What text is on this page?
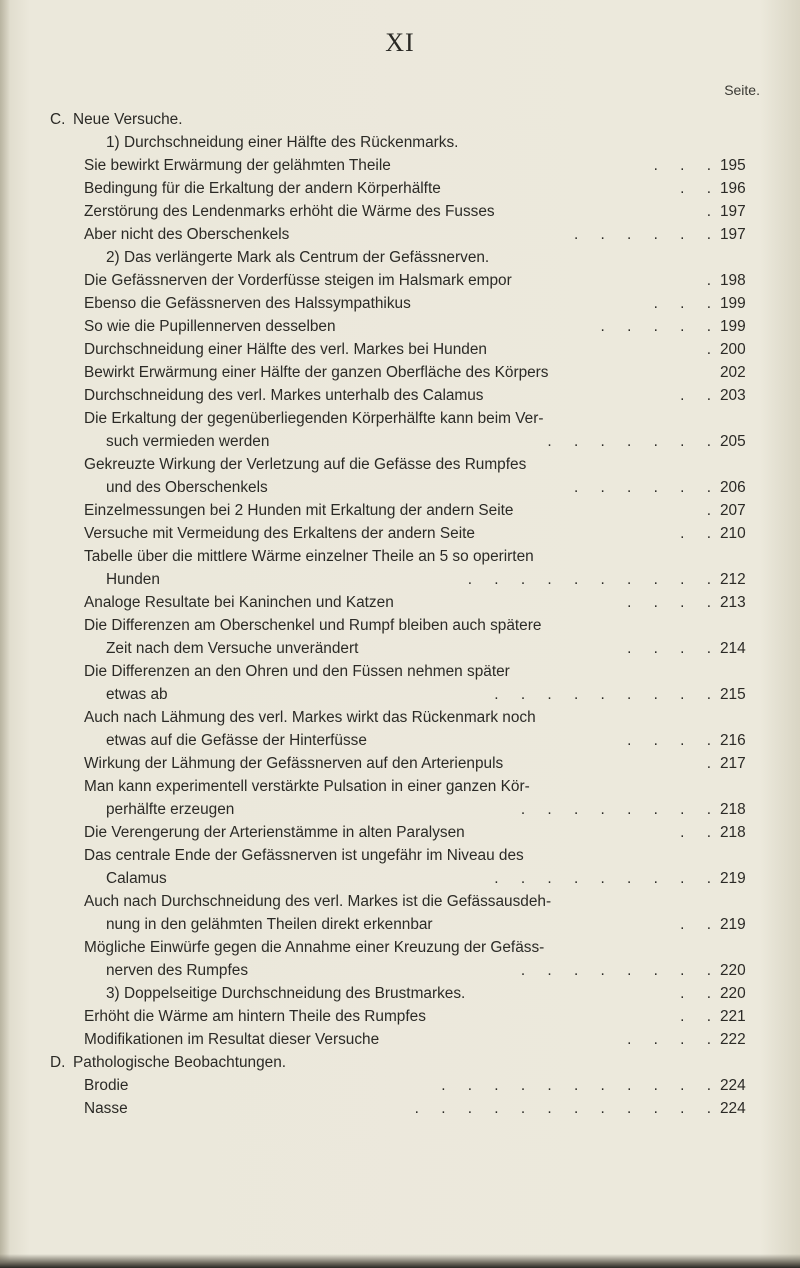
XI
Seite.
C. Neue Versuche.
1) Durchschneidung einer Hälfte des Rückenmarks.
Sie bewirkt Erwärmung der gelähmten Theile	. . . 195
Bedingung für die Erkaltung der andern Körperhälfte	. . 196
Zerstörung des Lendenmarks erhöht die Wärme des Fusses	. 197
Aber nicht des Oberschenkels	. . . . . . 197
2) Das verlängerte Mark als Centrum der Gefässnerven.
Die Gefässnerven der Vorderfüsse steigen im Halsmark empor	. 198
Ebenso die Gefässnerven des Halssympathikus	. . . 199
So wie die Pupillennerven desselben	. . . . . 199
Durchschneidung einer Hälfte des verl. Markes bei Hunden	. 200
Bewirkt Erwärmung einer Hälfte der ganzen Oberfläche des Körpers	202
Durchschneidung des verl. Markes unterhalb des Calamus	. . 203
Die Erkaltung der gegenüberliegenden Körperhälfte kann beim Ver-
such vermieden werden	. . . . . . . 205
Gekreuzte Wirkung der Verletzung auf die Gefässe des Rumpfes
und des Oberschenkels	. . . . . . 206
Einzelmessungen bei 2 Hunden mit Erkaltung der andern Seite	. 207
Versuche mit Vermeidung des Erkaltens der andern Seite	. . 210
Tabelle über die mittlere Wärme einzelner Theile an 5 so operirten
Hunden	. . . . . . . . . . 212
Analoge Resultate bei Kaninchen und Katzen	. . . . 213
Die Differenzen am Oberschenkel und Rumpf bleiben auch spätere
Zeit nach dem Versuche unverändert	. . . . 214
Die Differenzen an den Ohren und den Füssen nehmen später
etwas ab	. . . . . . . . . 215
Auch nach Lähmung des verl. Markes wirkt das Rückenmark noch
etwas auf die Gefässe der Hinterfüsse	. . . . 216
Wirkung der Lähmung der Gefässnerven auf den Arterienpuls	. 217
Man kann experimentell verstärkte Pulsation in einer ganzen Kör-
perhälfte erzeugen	. . . . . . . . 218
Die Verengerung der Arterienstämme in alten Paralysen	. . 218
Das centrale Ende der Gefässnerven ist ungefähr im Niveau des
Calamus	. . . . . . . . . 219
Auch nach Durchschneidung des verl. Markes ist die Gefässausdeh-
nung in den gelähmten Theilen direkt erkennbar	. . 219
Mögliche Einwürfe gegen die Annahme einer Kreuzung der Gefäss-
nerven des Rumpfes	. . . . . . . . 220
3) Doppelseitige Durchschneidung des Brustmarkes.	. . 220
Erhöht die Wärme am hintern Theile des Rumpfes	. . 221
Modifikationen im Resultat dieser Versuche	. . . . 222
D. Pathologische Beobachtungen.
Brodie	. . . . . . . . . . . 224
Nasse	. . . . . . . . . . . . 224
